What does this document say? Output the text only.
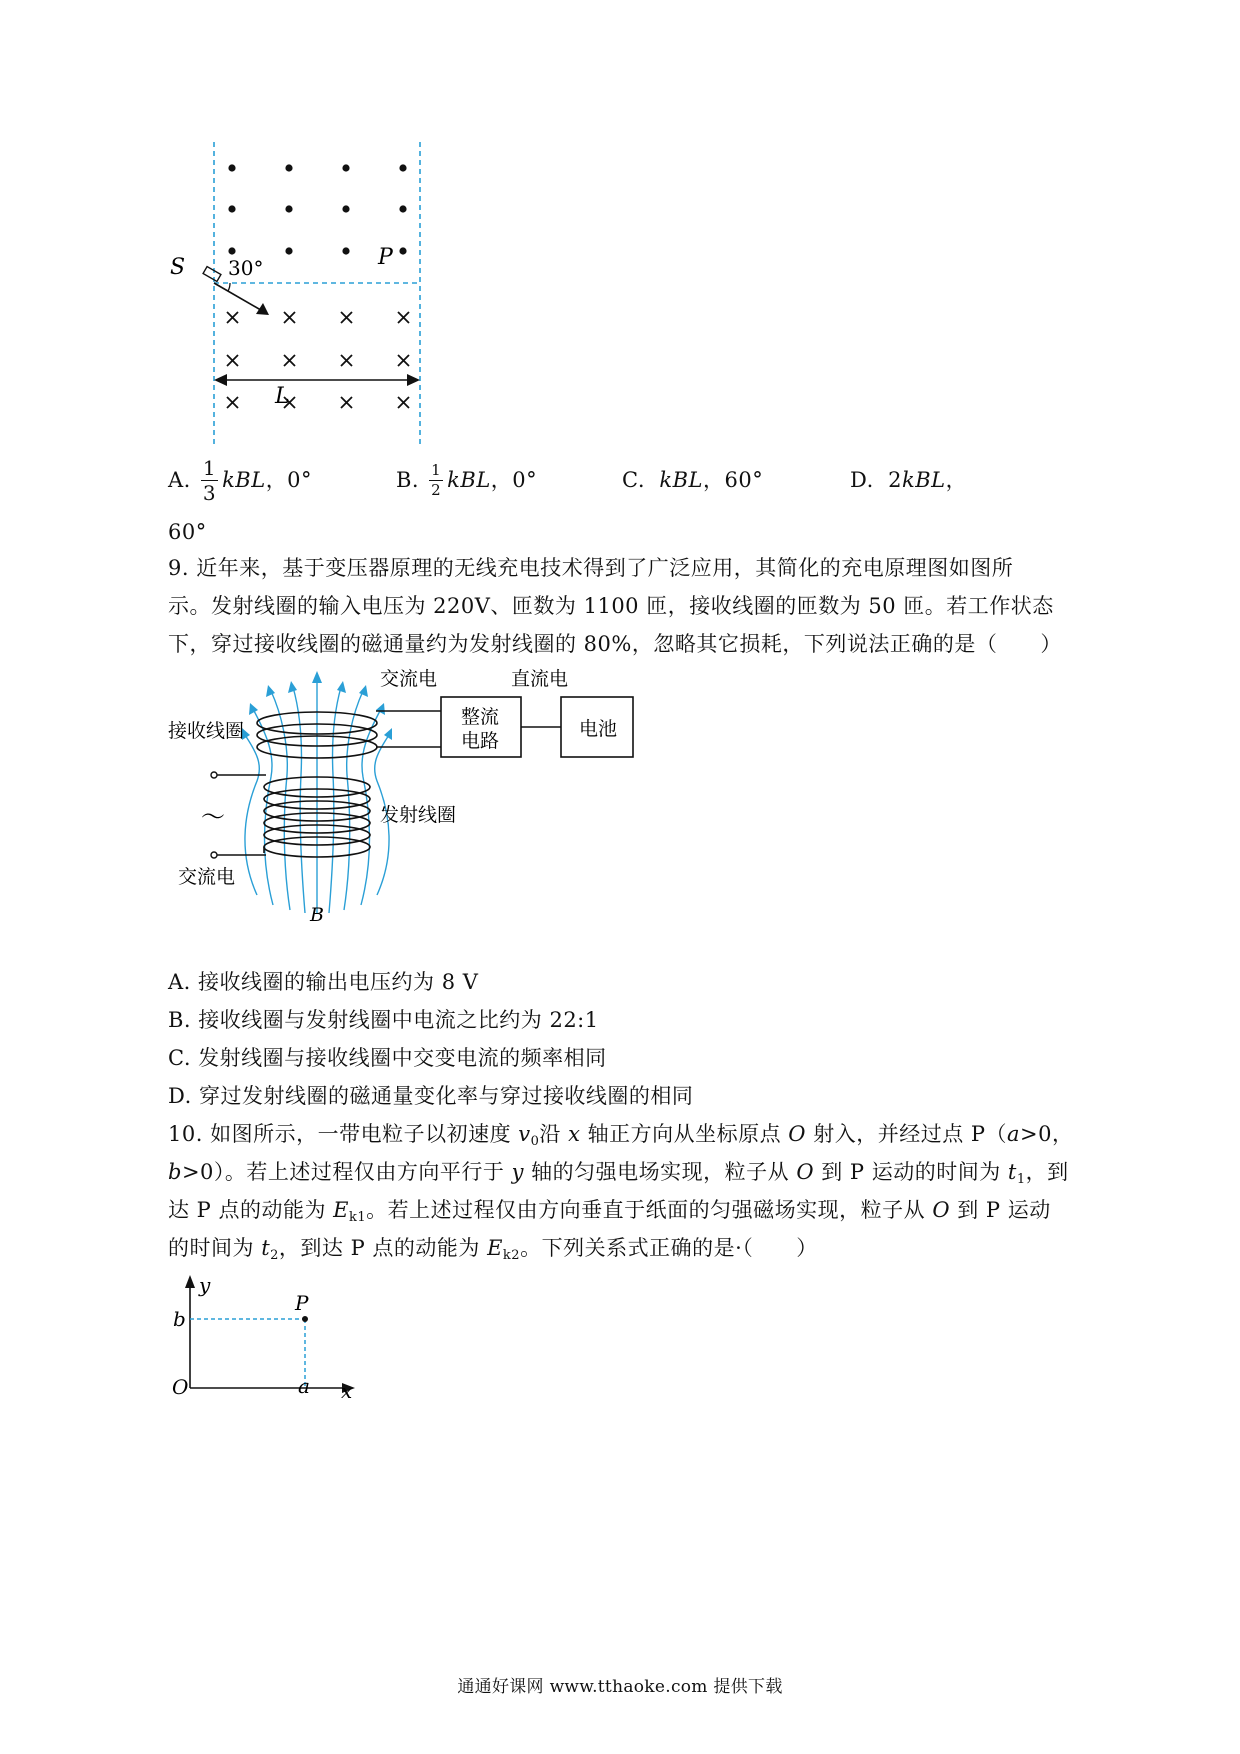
S 30°	P
L
A. $\frac{1}{3}$ kBL ，0°	B. $\frac{1}{2}$ kBL ，0°	C. kBL，60°	D. 2kBL，
60°
9. 近年来，基于变压器原理的无线充电技术得到了广泛应用，其简化的充电原理图如图所
示。发射线圈的输入电压为 220V、匝数为 1100 匝，接收线圈的匝数为 50 匝。若工作状态
下，穿过接收线圈的磁通量约为发射线圈的 80%，忽略其它损耗，下列说法正确的是（　　）
交流电	直流电
接收线圈
整流
电路
电池
～	发射线圈
交流电
B
A. 接收线圈的输出电压约为 8 V
B. 接收线圈与发射线圈中电流之比约为 22:1
C. 发射线圈与接收线圈中交变电流的频率相同
D. 穿过发射线圈的磁通量变化率与穿过接收线圈的相同
10. 如图所示，一带电粒子以初速度 $v_0$沿 x 轴正方向从坐标原点 O 射入，并经过点 P（a>0，
b>0）。若上述过程仅由方向平行于 y 轴的匀强电场实现，粒子从 O 到 P 运动的时间为 $t_1$，到
达 P 点的动能为 $E_{k1}$。若上述过程仅由方向垂直于纸面的匀强磁场实现，粒子从 O 到 P 运动
的时间为 $t_2$，到达 P 点的动能为 $E_{k2}$。下列关系式正确的是·（　　）
y
b
P
O	a x
通通好课网 www.tthaoke.com 提供下载
